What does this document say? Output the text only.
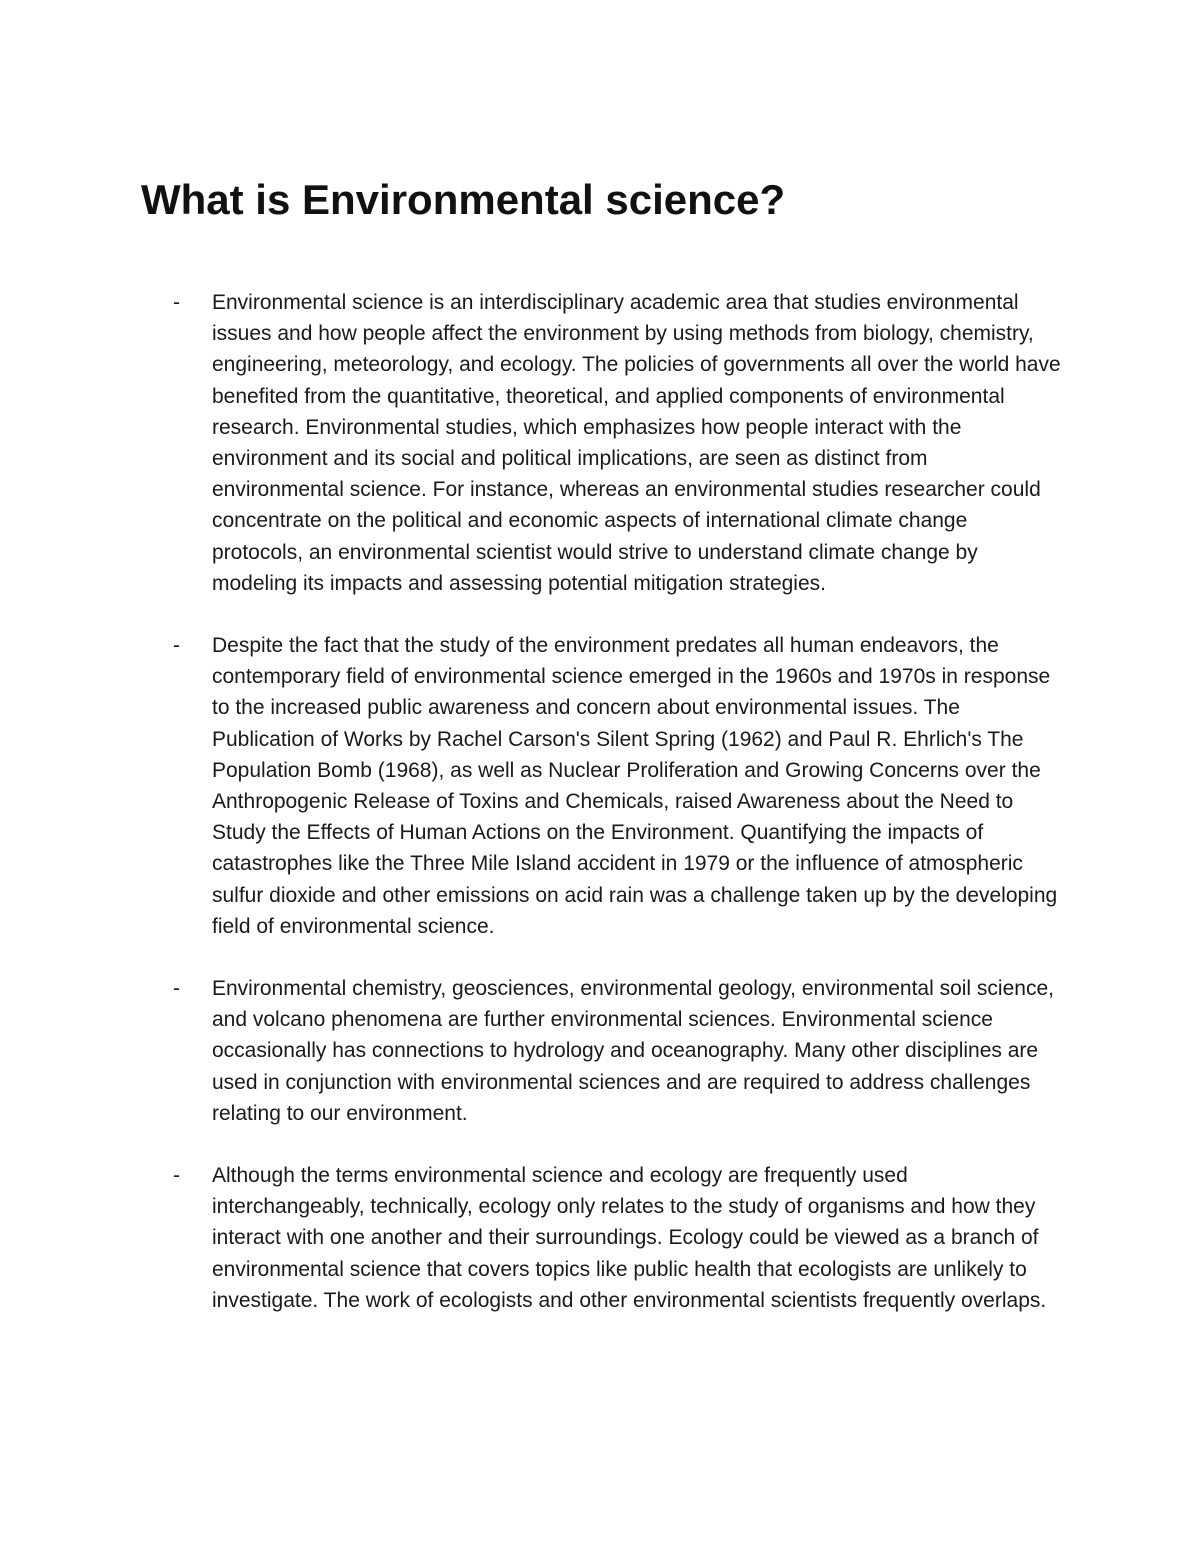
What is Environmental science?
-	Environmental science is an interdisciplinary academic area that studies environmental issues and how people affect the environment by using methods from biology, chemistry, engineering, meteorology, and ecology. The policies of governments all over the world have benefited from the quantitative, theoretical, and applied components of environmental research. Environmental studies, which emphasizes how people interact with the environment and its social and political implications, are seen as distinct from environmental science. For instance, whereas an environmental studies researcher could concentrate on the political and economic aspects of international climate change protocols, an environmental scientist would strive to understand climate change by modeling its impacts and assessing potential mitigation strategies.
-	Despite the fact that the study of the environment predates all human endeavors, the contemporary field of environmental science emerged in the 1960s and 1970s in response to the increased public awareness and concern about environmental issues. The Publication of Works by Rachel Carson's Silent Spring (1962) and Paul R. Ehrlich's The Population Bomb (1968), as well as Nuclear Proliferation and Growing Concerns over the Anthropogenic Release of Toxins and Chemicals, raised Awareness about the Need to Study the Effects of Human Actions on the Environment. Quantifying the impacts of catastrophes like the Three Mile Island accident in 1979 or the influence of atmospheric sulfur dioxide and other emissions on acid rain was a challenge taken up by the developing field of environmental science.
-	Environmental chemistry, geosciences, environmental geology, environmental soil science, and volcano phenomena are further environmental sciences. Environmental science occasionally has connections to hydrology and oceanography. Many other disciplines are used in conjunction with environmental sciences and are required to address challenges relating to our environment.
-	Although the terms environmental science and ecology are frequently used interchangeably, technically, ecology only relates to the study of organisms and how they interact with one another and their surroundings. Ecology could be viewed as a branch of environmental science that covers topics like public health that ecologists are unlikely to investigate. The work of ecologists and other environmental scientists frequently overlaps.
